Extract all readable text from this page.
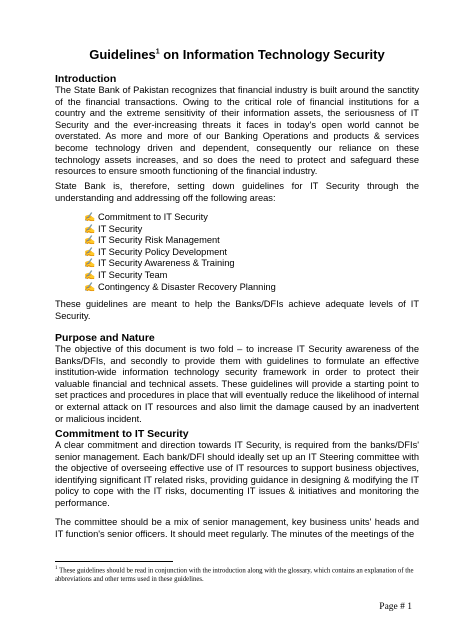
Guidelines$^1$ on Information Technology Security
Introduction

The State Bank of Pakistan recognizes that financial industry is built around the sanctity of the financial transactions. Owing to the critical role of financial institutions for a country and the extreme sensitivity of their information assets, the seriousness of IT Security and the ever-increasing threats it faces in today's open world cannot be overstated. As more and more of our Banking Operations and products & services become technology driven and dependent, consequently our reliance on these technology assets increases, and so does the need to protect and safeguard these resources to ensure smooth functioning of the financial industry.

State Bank is, therefore, setting down guidelines for IT Security through the understanding and addressing off the following areas:

✍ Commitment to IT Security
✍ IT Security
✍ IT Security Risk Management
✍ IT Security Policy Development
✍ IT Security Awareness & Training
✍ IT Security Team
✍ Contingency & Disaster Recovery Planning

These guidelines are meant to help the Banks/DFIs achieve adequate levels of IT Security.

Purpose and Nature

The objective of this document is two fold – to increase IT Security awareness of the Banks/DFIs, and secondly to provide them with guidelines to formulate an effective institution-wide information technology security framework in order to protect their valuable financial and technical assets. These guidelines will provide a starting point to set practices and procedures in place that will eventually reduce the likelihood of internal or external attack on IT resources and also limit the damage caused by an inadvertent or malicious incident.

Commitment to IT Security

A clear commitment and direction towards IT Security, is required from the banks/DFIs' senior management. Each bank/DFI should ideally set up an IT Steering committee with the objective of overseeing effective use of IT resources to support business objectives, identifying significant IT related risks, providing guidance in designing & modifying the IT policy to cope with the IT risks, documenting IT issues & initiatives and monitoring the performance.

The committee should be a mix of senior management, key business units' heads and IT function's senior officers. It should meet regularly. The minutes of the meetings of the

$^1$ These guidelines should be read in conjunction with the introduction along with the glossary, which contains an explanation of the abbreviations and other terms used in these guidelines.
Page # 1
